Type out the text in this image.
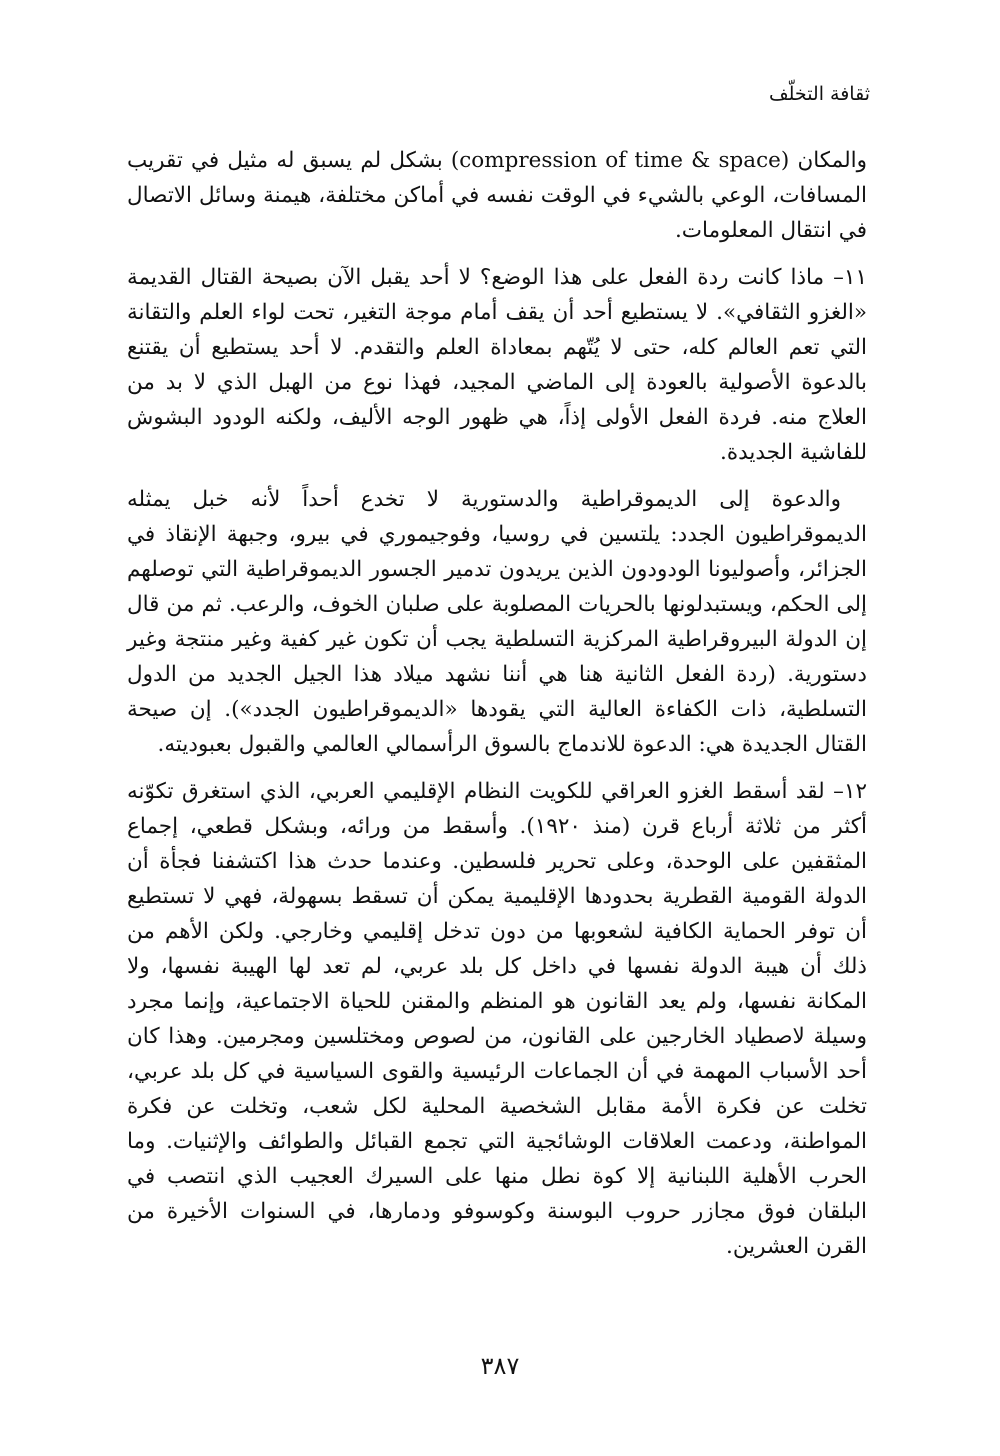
ثقافة التخلّف

والمكان (compression of time & space) بشكل لم يسبق له مثيل في تقريب المسافات، الوعي بالشيء في الوقت نفسه في أماكن مختلفة، هيمنة وسائل الاتصال في انتقال المعلومات.

١١– ماذا كانت ردة الفعل على هذا الوضع؟ لا أحد يقبل الآن بصيحة القتال القديمة «الغزو الثقافي». لا يستطيع أحد أن يقف أمام موجة التغير، تحت لواء العلم والتقانة التي تعم العالم كله، حتى لا يُتّهم بمعاداة العلم والتقدم. لا أحد يستطيع أن يقتنع بالدعوة الأصولية بالعودة إلى الماضي المجيد، فهذا نوع من الهبل الذي لا بد من العلاج منه. فردة الفعل الأولى إذاً، هي ظهور الوجه الأليف، ولكنه الودود البشوش للفاشية الجديدة.

والدعوة إلى الديموقراطية والدستورية لا تخدع أحداً لأنه خبل يمثله الديموقراطيون الجدد: يلتسين في روسيا، وفوجيموري في بيرو، وجبهة الإنقاذ في الجزائر، وأصوليونا الودودون الذين يريدون تدمير الجسور الديموقراطية التي توصلهم إلى الحكم، ويستبدلونها بالحريات المصلوبة على صلبان الخوف، والرعب. ثم من قال إن الدولة البيروقراطية المركزية التسلطية يجب أن تكون غير كفية وغير منتجة وغير دستورية. (ردة الفعل الثانية هنا هي أننا نشهد ميلاد هذا الجيل الجديد من الدول التسلطية، ذات الكفاءة العالية التي يقودها «الديموقراطيون الجدد»). إن صيحة القتال الجديدة هي: الدعوة للاندماج بالسوق الرأسمالي العالمي والقبول بعبوديته.

١٢– لقد أسقط الغزو العراقي للكويت النظام الإقليمي العربي، الذي استغرق تكوّنه أكثر من ثلاثة أرباع قرن (منذ ١٩٢٠). وأسقط من ورائه، وبشكل قطعي، إجماع المثقفين على الوحدة، وعلى تحرير فلسطين. وعندما حدث هذا اكتشفنا فجأة أن الدولة القومية القطرية بحدودها الإقليمية يمكن أن تسقط بسهولة، فهي لا تستطيع أن توفر الحماية الكافية لشعوبها من دون تدخل إقليمي وخارجي. ولكن الأهم من ذلك أن هيبة الدولة نفسها في داخل كل بلد عربي، لم تعد لها الهيبة نفسها، ولا المكانة نفسها، ولم يعد القانون هو المنظم والمقنن للحياة الاجتماعية، وإنما مجرد وسيلة لاصطياد الخارجين على القانون، من لصوص ومختلسين ومجرمين. وهذا كان أحد الأسباب المهمة في أن الجماعات الرئيسية والقوى السياسية في كل بلد عربي، تخلت عن فكرة الأمة مقابل الشخصية المحلية لكل شعب، وتخلت عن فكرة المواطنة، ودعمت العلاقات الوشائجية التي تجمع القبائل والطوائف والإثنيات. وما الحرب الأهلية اللبنانية إلا كوة نطل منها على السيرك العجيب الذي انتصب في البلقان فوق مجازر حروب البوسنة وكوسوفو ودمارها، في السنوات الأخيرة من القرن العشرين.

٣٨٧
